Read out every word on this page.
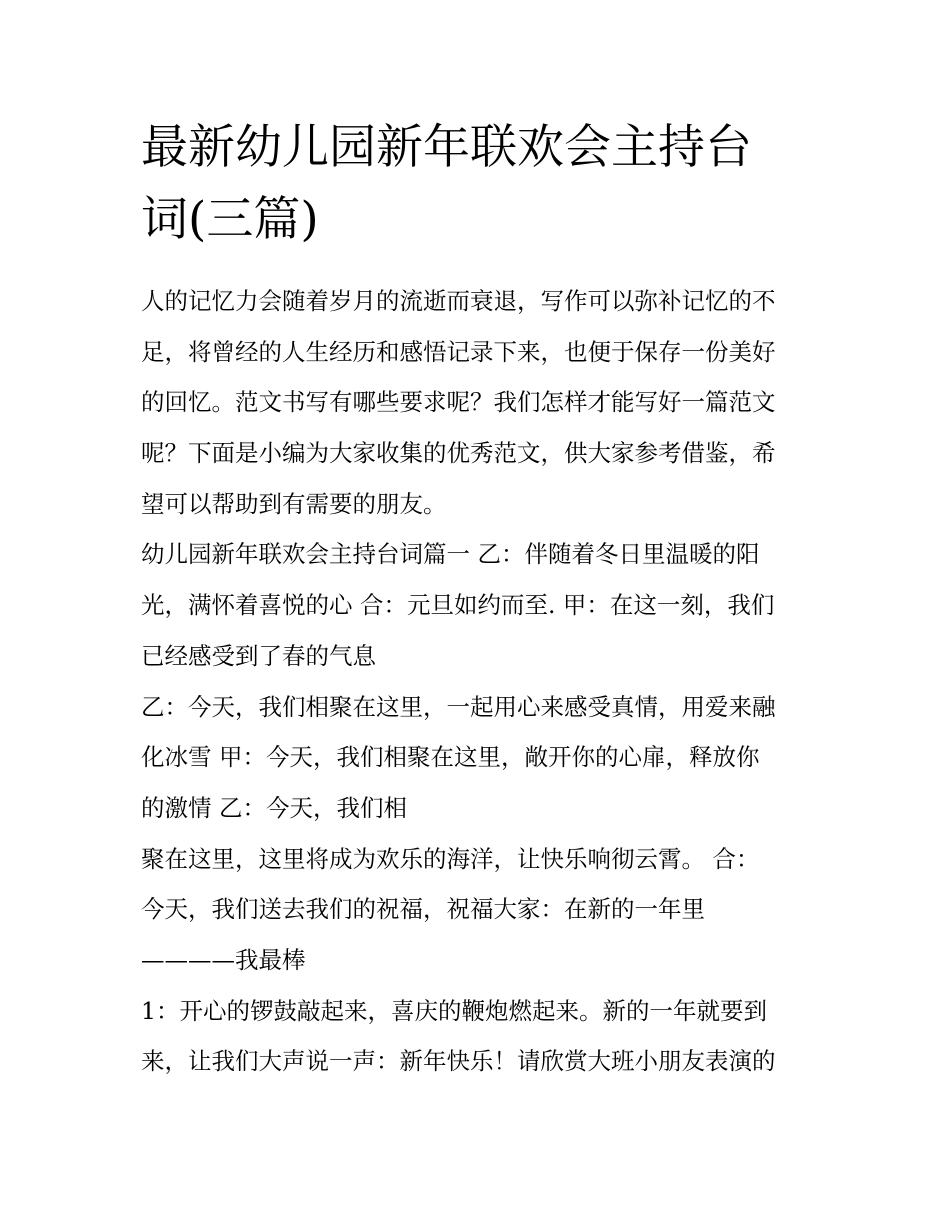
最新幼儿园新年联欢会主持台
词(三篇)
人的记忆力会随着岁月的流逝而衰退，写作可以弥补记忆的不
足，将曾经的人生经历和感悟记录下来，也便于保存一份美好
的回忆。范文书写有哪些要求呢？我们怎样才能写好一篇范文
呢？下面是小编为大家收集的优秀范文，供大家参考借鉴，希
望可以帮助到有需要的朋友。
幼儿园新年联欢会主持台词篇一 乙：伴随着冬日里温暖的阳
光，满怀着喜悦的心 合：元旦如约而至. 甲：在这一刻，我们
已经感受到了春的气息
乙：今天，我们相聚在这里，一起用心来感受真情，用爱来融
化冰雪 甲：今天，我们相聚在这里，敞开你的心扉，释放你
的激情 乙：今天，我们相
聚在这里，这里将成为欢乐的海洋，让快乐响彻云霄。 合：
今天，我们送去我们的祝福，祝福大家：在新的一年里
————我最棒
1：开心的锣鼓敲起来，喜庆的鞭炮燃起来。新的一年就要到
来，让我们大声说一声：新年快乐！请欣赏大班小朋友表演的
